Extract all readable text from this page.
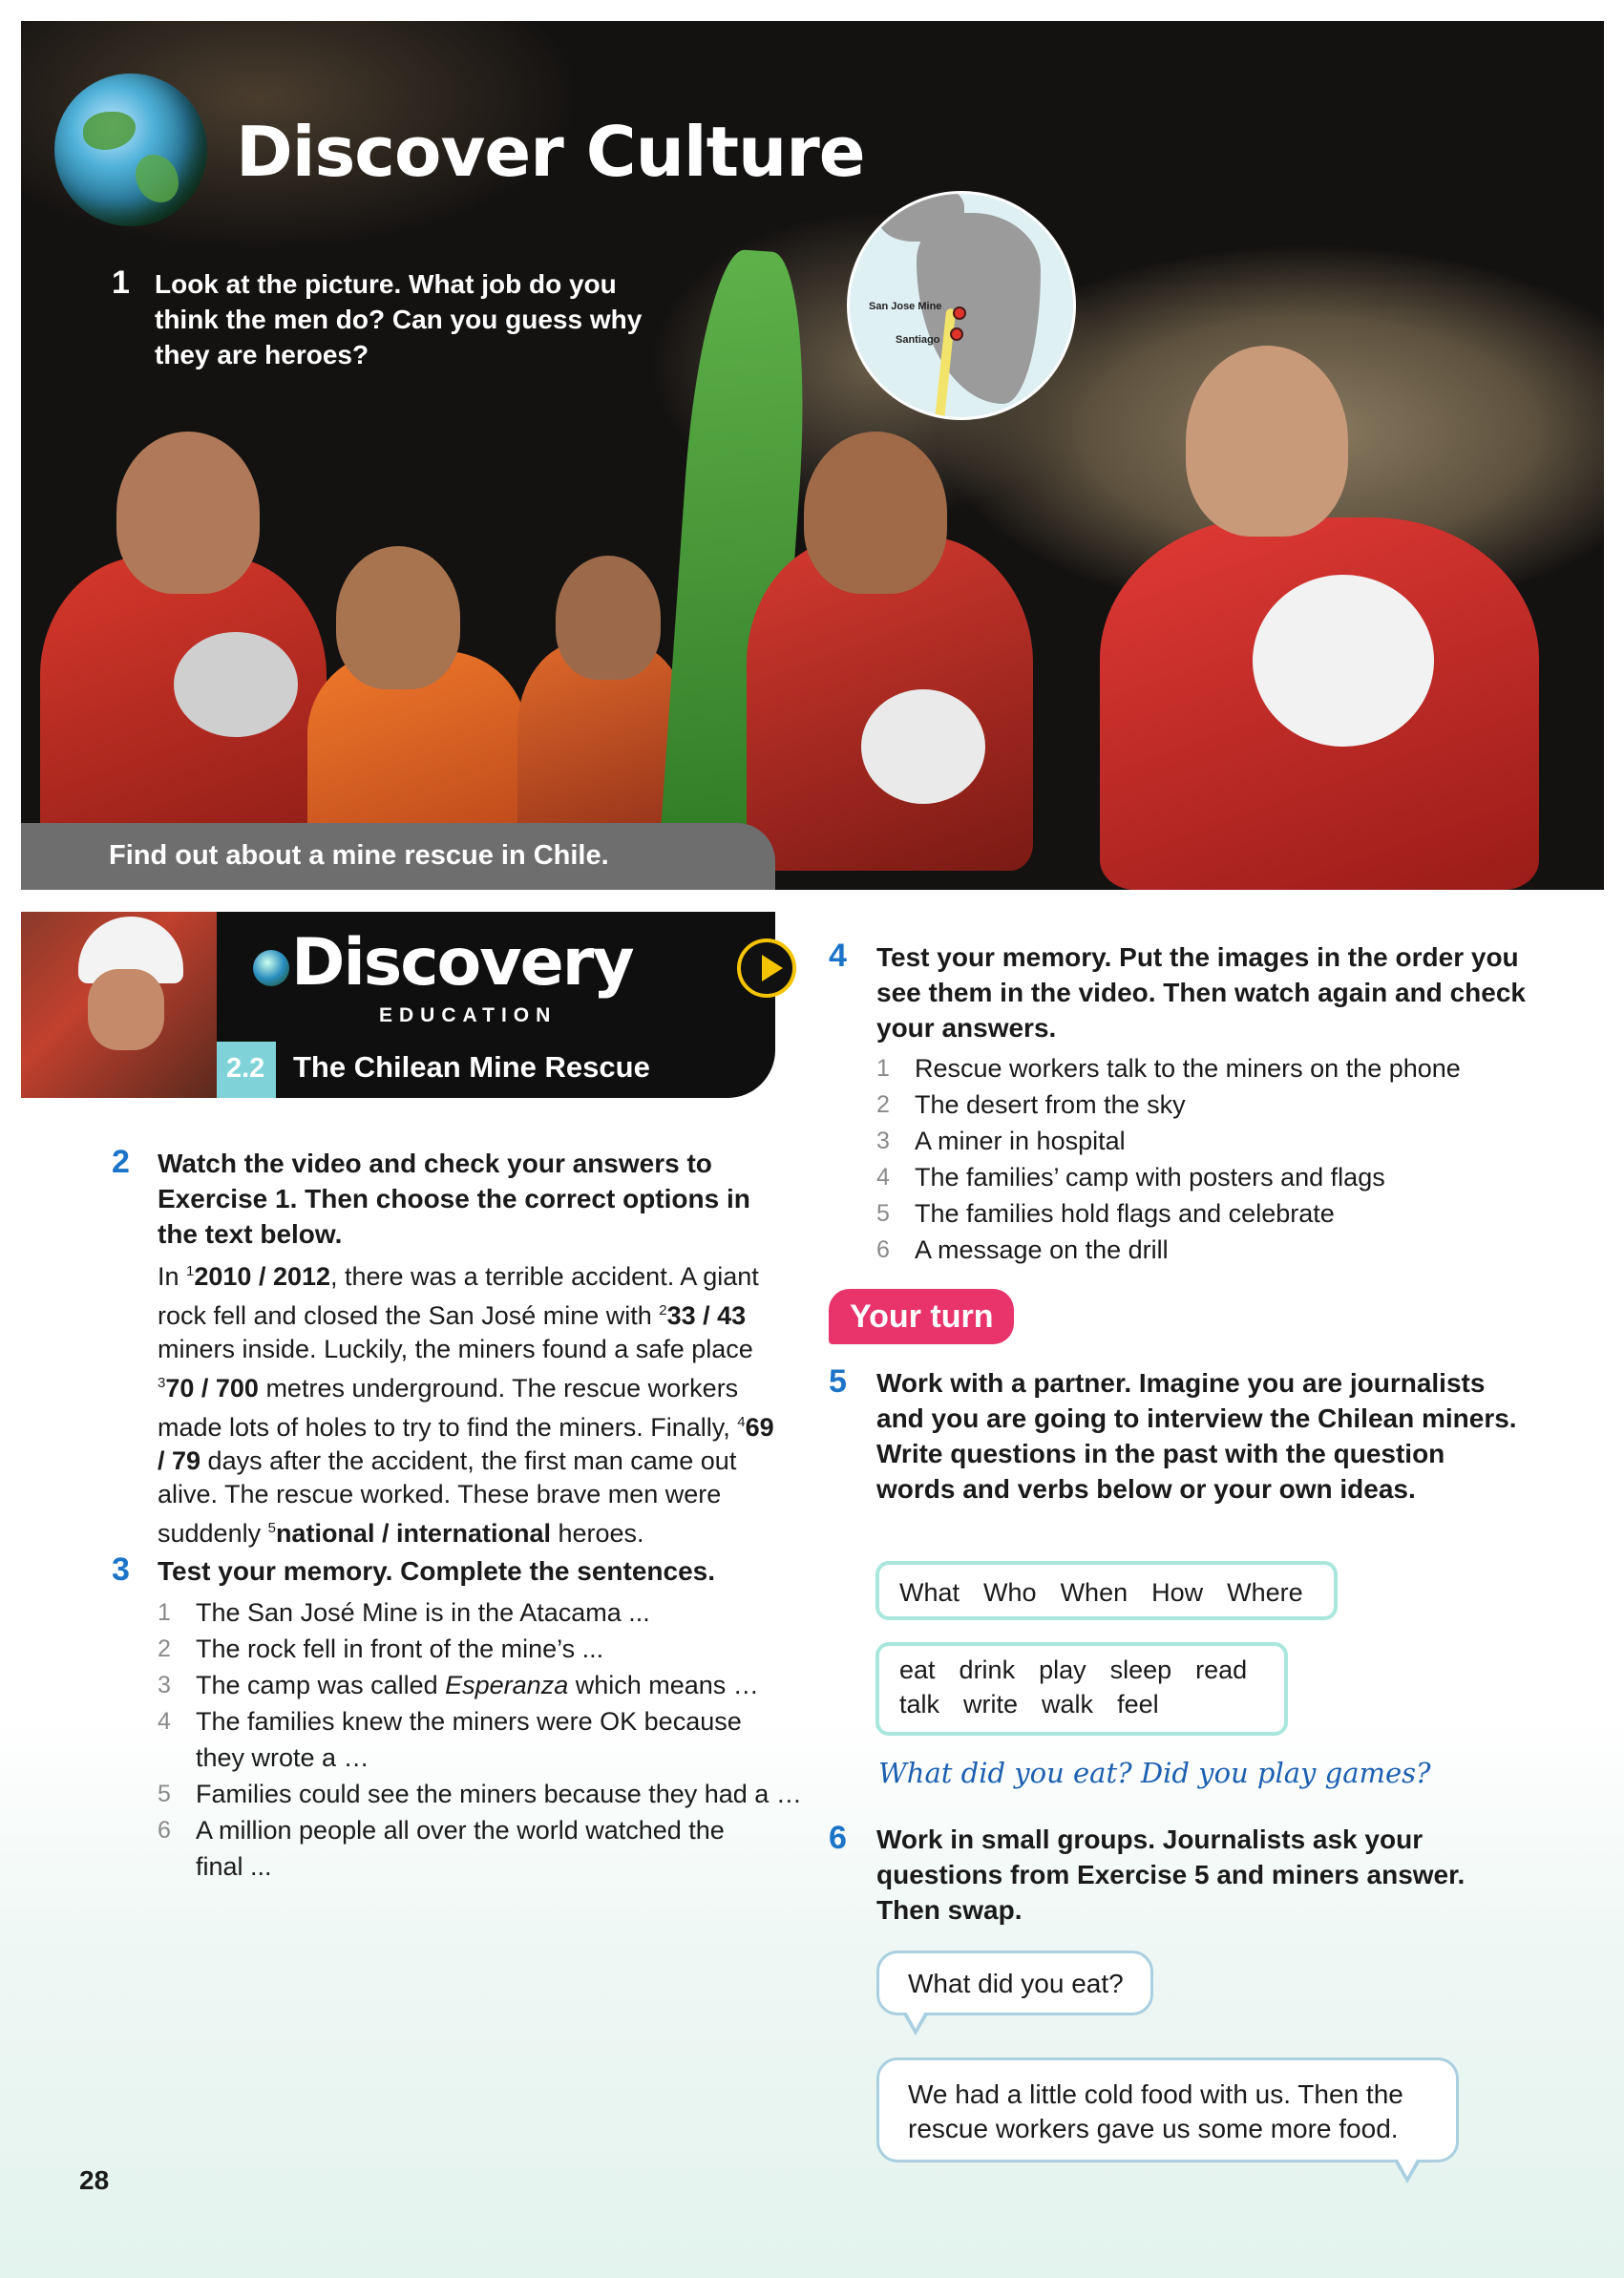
Discover Culture
1 Look at the picture. What job do you think the men do? Can you guess why they are heroes?
San Jose Mine
Santiago
Find out about a mine rescue in Chile.
Discovery
EDUCATION
2.2 The Chilean Mine Rescue
2 Watch the video and check your answers to Exercise 1. Then choose the correct options in the text below.
In $^1$2010 / 2012, there was a terrible accident. A giant rock fell and closed the San José mine with $^2$33 / 43 miners inside. Luckily, the miners found a safe place $^3$70 / 700 metres underground. The rescue workers made lots of holes to try to find the miners. Finally, $^4$69 / 79 days after the accident, the first man came out alive. The rescue worked. These brave men were suddenly $^5$national / international heroes.
3 Test your memory. Complete the sentences.
1 The San José Mine is in the Atacama ...
2 The rock fell in front of the mine’s ...
3 The camp was called Esperanza which means …
4 The families knew the miners were OK because they wrote a …
5 Families could see the miners because they had a …
6 A million people all over the world watched the final ...
4 Test your memory. Put the images in the order you see them in the video. Then watch again and check your answers.
1 Rescue workers talk to the miners on the phone
2 The desert from the sky
3 A miner in hospital
4 The families’ camp with posters and flags
5 The families hold flags and celebrate
6 A message on the drill
Your turn
5 Work with a partner. Imagine you are journalists and you are going to interview the Chilean miners. Write questions in the past with the question words and verbs below or your own ideas.
What Who When How Where
eat drink play sleep read
talk write walk feel
What did you eat? Did you play games?
6 Work in small groups. Journalists ask your questions from Exercise 5 and miners answer. Then swap.
What did you eat?
We had a little cold food with us. Then the rescue workers gave us some more food.
28
